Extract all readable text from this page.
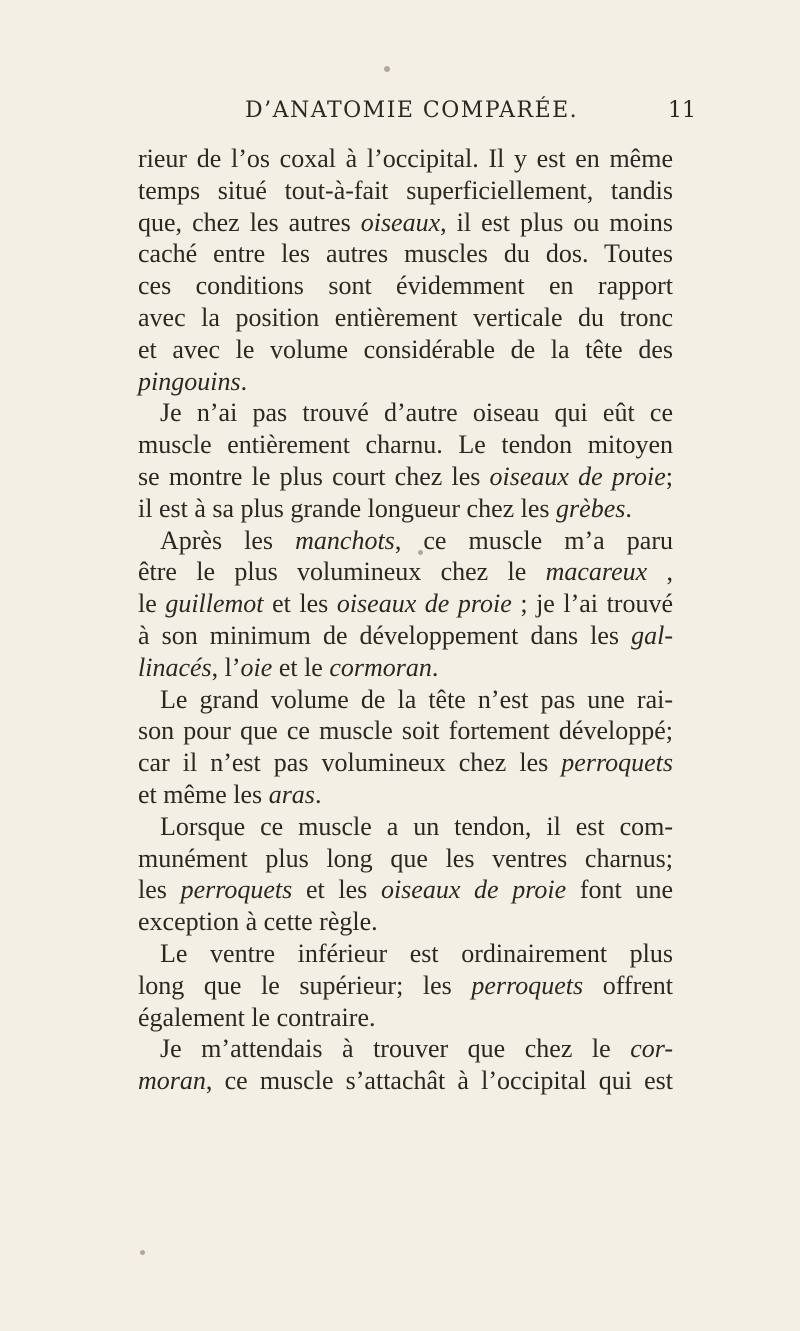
D’ANATOMIE COMPARÉE.	11
rieur de l’os coxal à l’occipital. Il y est en même
temps situé tout-à-fait superficiellement, tandis
que, chez les autres oiseaux, il est plus ou moins
caché entre les autres muscles du dos. Toutes
ces conditions sont évidemment en rapport
avec la position entièrement verticale du tronc
et avec le volume considérable de la tête des
pingouins.
Je n’ai pas trouvé d’autre oiseau qui eût ce
muscle entièrement charnu. Le tendon mitoyen
se montre le plus court chez les oiseaux de proie;
il est à sa plus grande longueur chez les grèbes.
Après les manchots, ce muscle m’a paru
être le plus volumineux chez le macareux ,
le guillemot et les oiseaux de proie ; je l’ai trouvé
à son minimum de développement dans les gal-
linacés, l’oie et le cormoran.
Le grand volume de la tête n’est pas une rai-
son pour que ce muscle soit fortement développé;
car il n’est pas volumineux chez les perroquets
et même les aras.
Lorsque ce muscle a un tendon, il est com-
munément plus long que les ventres charnus;
les perroquets et les oiseaux de proie font une
exception à cette règle.
Le ventre inférieur est ordinairement plus
long que le supérieur; les perroquets offrent
également le contraire.
Je m’attendais à trouver que chez le cor-
moran, ce muscle s’attachât à l’occipital qui est
